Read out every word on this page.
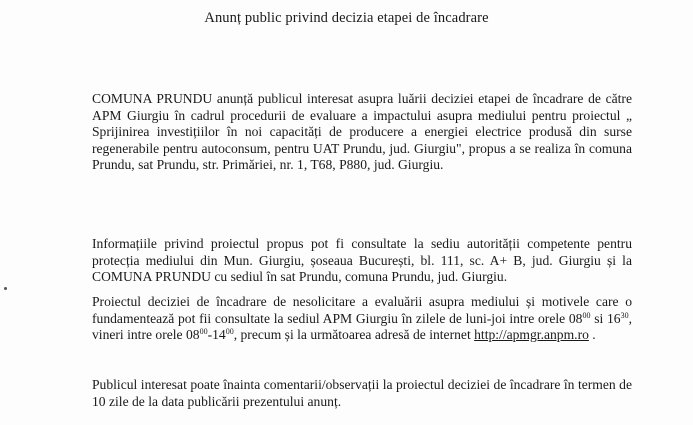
Anunț public privind decizia etapei de încadrare

COMUNA PRUNDU anunță publicul interesat asupra luării deciziei etapei de încadrare de către APM Giurgiu în cadrul procedurii de evaluare a impactului asupra mediului pentru proiectul „ Sprijinirea investițiilor în noi capacități de producere a energiei electrice produsă din surse regenerabile pentru autoconsum, pentru UAT Prundu, jud. Giurgiu", propus a se realiza în comuna Prundu, sat Prundu, str. Primăriei, nr. 1, T68, P880, jud. Giurgiu.

Informațiile privind proiectul propus pot fi consultate la sediu autorității competente pentru protecția mediului din Mun. Giurgiu, șoseaua București, bl. 111, sc. A+ B, jud. Giurgiu și la COMUNA PRUNDU cu sediul în sat Prundu, comuna Prundu, jud. Giurgiu.

Proiectul deciziei de încadrare de nesolicitare a evaluării asupra mediului și motivele care o fundamentează pot fii consultate la sediul APM Giurgiu în zilele de luni-joi intre orele $08^{00}$ si $16^{30}$, vineri intre orele $08^{00}-14^{00}$, precum și la următoarea adresă de internet http://apmgr.anpm.ro .

Publicul interesat poate înainta comentarii/observații la proiectul deciziei de încadrare în termen de 10 zile de la data publicării prezentului anunț.
